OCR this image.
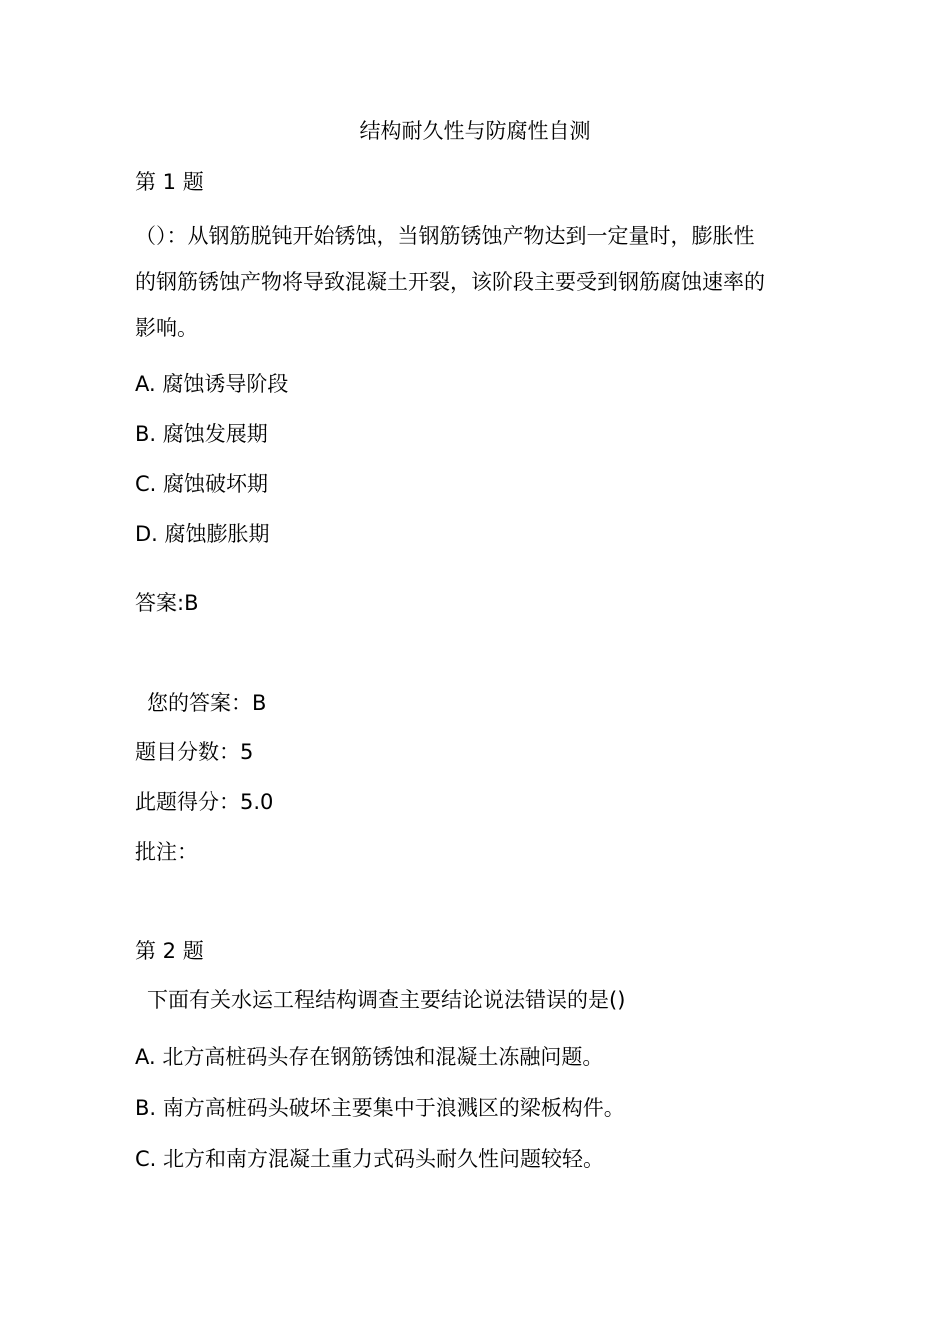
结构耐久性与防腐性自测
第 1 题

（）：从钢筋脱钝开始锈蚀，当钢筋锈蚀产物达到一定量时，膨胀性

的钢筋锈蚀产物将导致混凝土开裂，该阶段主要受到钢筋腐蚀速率的

影响。

A. 腐蚀诱导阶段
B. 腐蚀发展期
C. 腐蚀破坏期
D. 腐蚀膨胀期
答案:B
您的答案：B
题目分数：5
此题得分：5.0
批注：
第 2 题
下面有关水运工程结构调查主要结论说法错误的是()
A. 北方高桩码头存在钢筋锈蚀和混凝土冻融问题。
B. 南方高桩码头破坏主要集中于浪溅区的梁板构件。
C. 北方和南方混凝土重力式码头耐久性问题较轻。
